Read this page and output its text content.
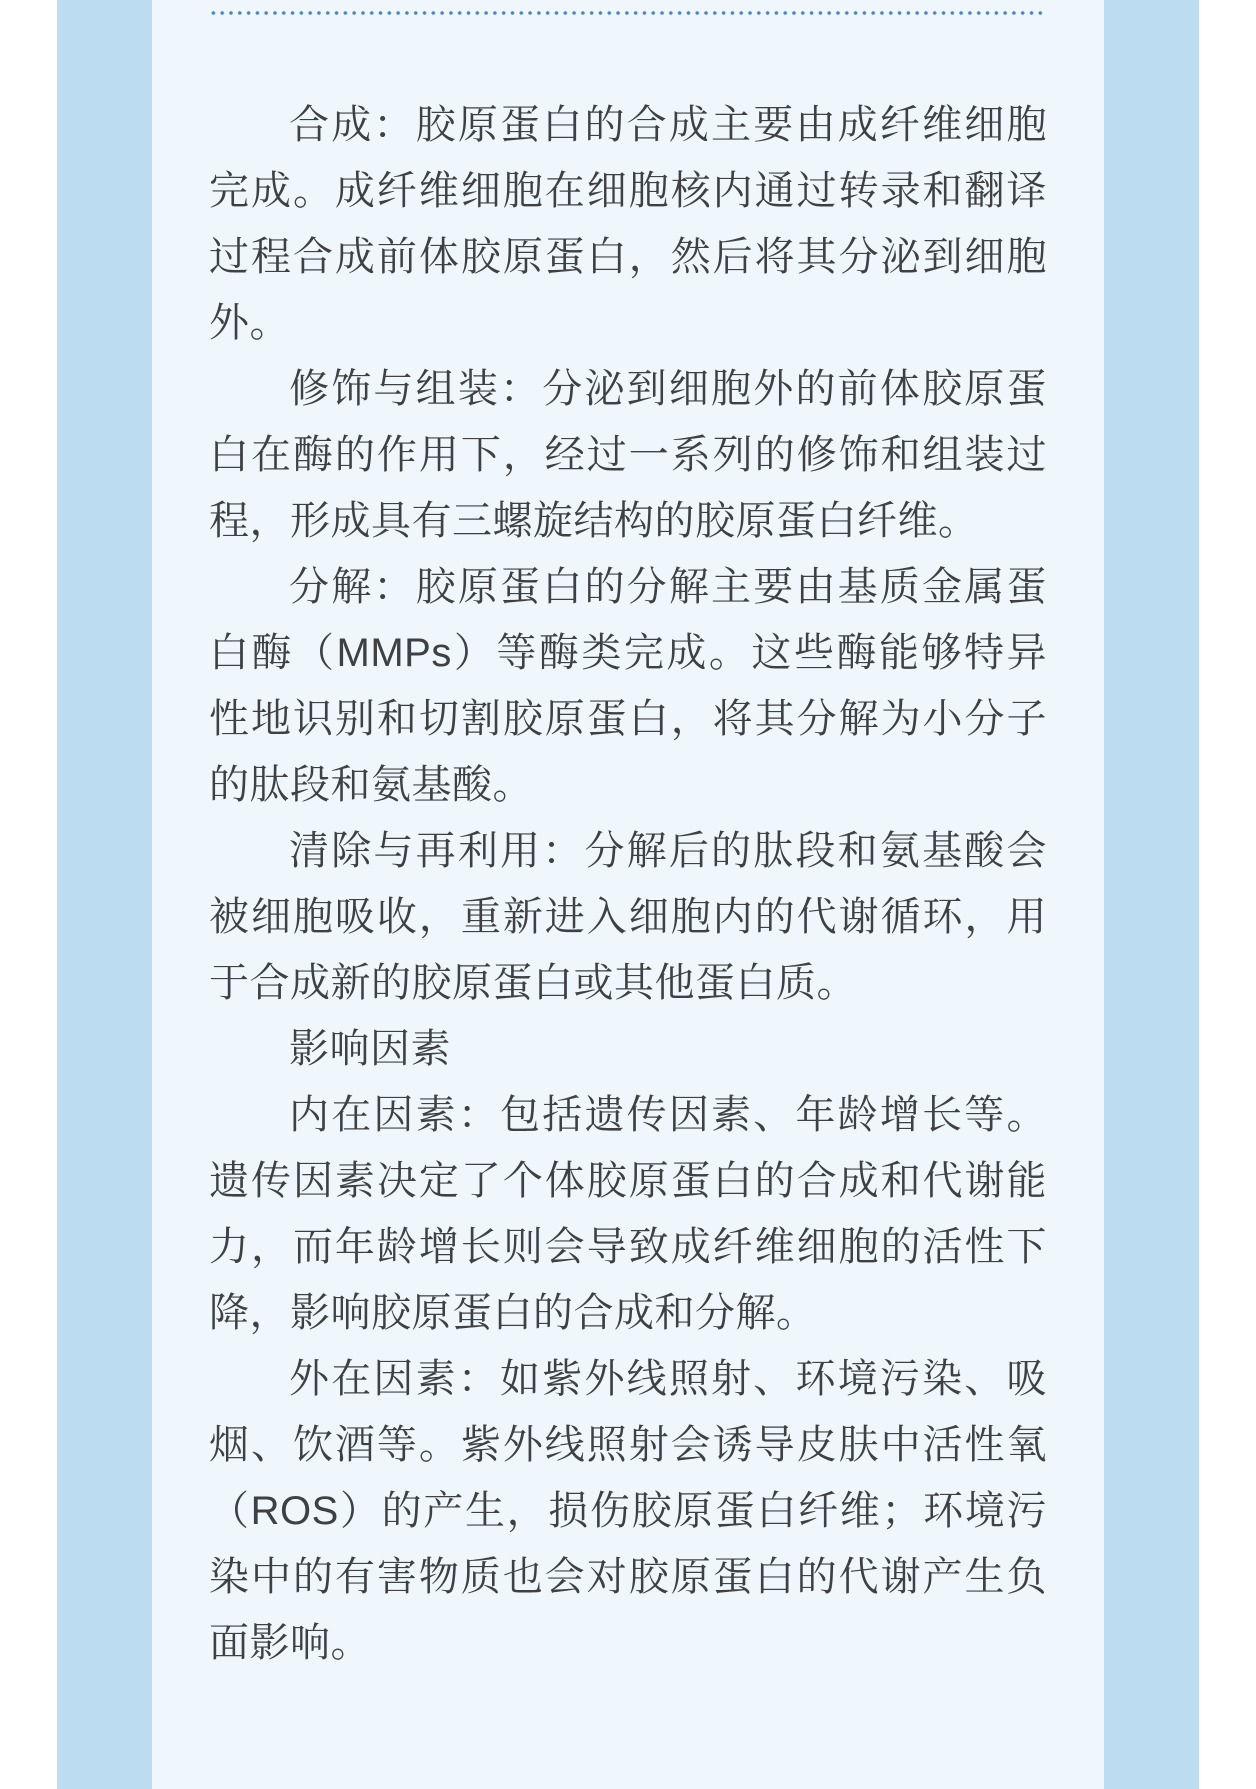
合成：胶原蛋白的合成主要由成纤维细胞完成。成纤维细胞在细胞核内通过转录和翻译过程合成前体胶原蛋白，然后将其分泌到细胞外。

修饰与组装：分泌到细胞外的前体胶原蛋白在酶的作用下，经过一系列的修饰和组装过程，形成具有三螺旋结构的胶原蛋白纤维。

分解：胶原蛋白的分解主要由基质金属蛋白酶（MMPs）等酶类完成。这些酶能够特异性地识别和切割胶原蛋白，将其分解为小分子的肽段和氨基酸。

清除与再利用：分解后的肽段和氨基酸会被细胞吸收，重新进入细胞内的代谢循环，用于合成新的胶原蛋白或其他蛋白质。

影响因素

内在因素：包括遗传因素、年龄增长等。遗传因素决定了个体胶原蛋白的合成和代谢能力，而年龄增长则会导致成纤维细胞的活性下降，影响胶原蛋白的合成和分解。

外在因素：如紫外线照射、环境污染、吸烟、饮酒等。紫外线照射会诱导皮肤中活性氧（ROS）的产生，损伤胶原蛋白纤维；环境污染中的有害物质也会对胶原蛋白的代谢产生负面影响。
